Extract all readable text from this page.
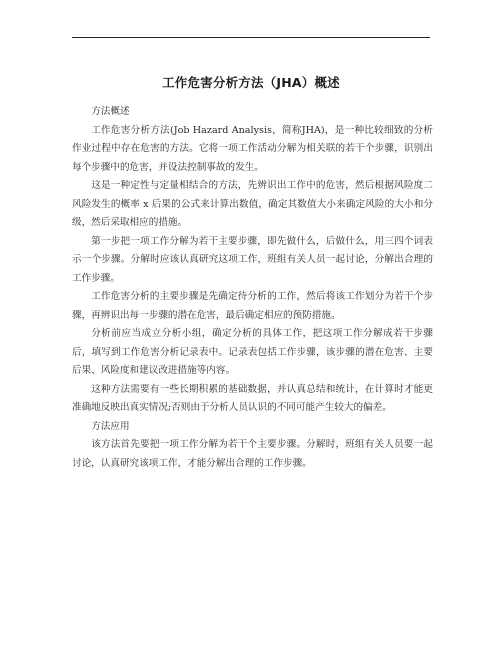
工作危害分析方法（JHA）概述

方法概述

工作危害分析方法(Job Hazard Analysis，简称JHA)，是一种比较细致的分析作业过程中存在危害的方法。它将一项工作活动分解为相关联的若干个步骤，识别出每个步骤中的危害，并设法控制事故的发生。

这是一种定性与定量相结合的方法，先辨识出工作中的危害，然后根据风险度二风险发生的概率 x 后果的公式来计算出数值，确定其数值大小来确定风险的大小和分级，然后采取相应的措施。

第一步把一项工作分解为若干主要步骤，即先做什么，后做什么，用三四个词表示一个步骤。分解时应该认真研究这项工作，班组有关人员一起讨论，分解出合理的工作步骤。

工作危害分析的主要步骤是先确定待分析的工作，然后将该工作划分为若干个步骤，再辨识出每一步骤的潜在危害，最后确定相应的预防措施。

分析前应当成立分析小组，确定分析的具体工作，把这项工作分解成若干步骤后，填写到工作危害分析记录表中。记录表包括工作步骤，该步骤的潜在危害、主要后果、风险度和建议改进措施等内容。

这种方法需要有一些长期积累的基础数据，并认真总结和统计，在计算时才能更准确地反映出真实情况;否则由于分析人员认识的不同可能产生较大的偏差。

方法应用

该方法首先要把一项工作分解为若干个主要步骤。分解时，班组有关人员要一起讨论，认真研究该项工作，才能分解出合理的工作步骤。
